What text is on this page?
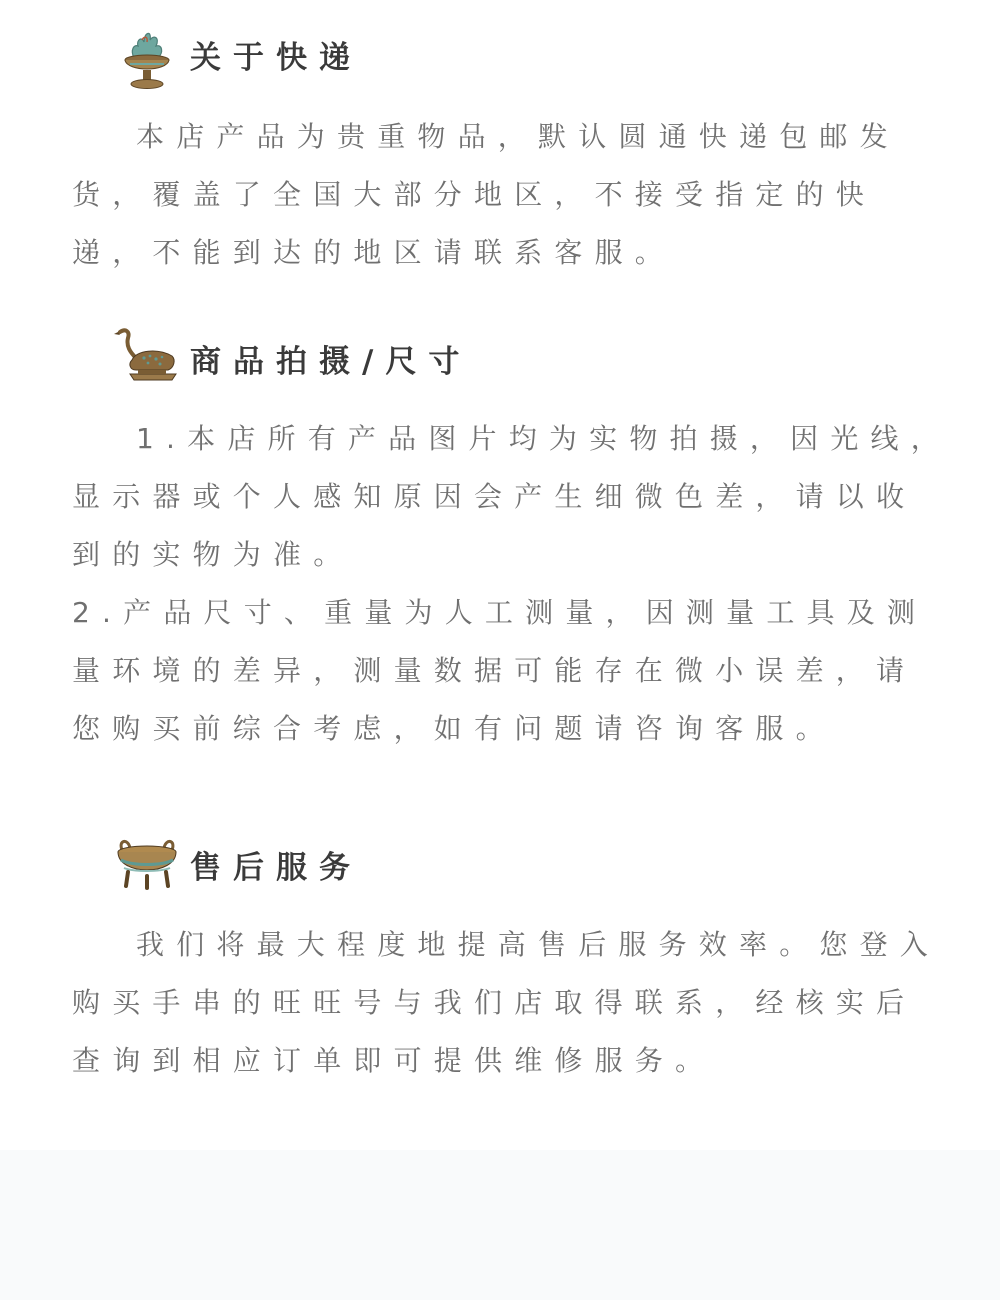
关于快递

本店产品为贵重物品，默认圆通快递包邮发货，覆盖了全国大部分地区，不接受指定的快递，不能到达的地区请联系客服。

商品拍摄/尺寸

1.本店所有产品图片均为实物拍摄，因光线，显示器或个人感知原因会产生细微色差，请以收到的实物为准。

2.产品尺寸、重量为人工测量，因测量工具及测量环境的差异，测量数据可能存在微小误差，请您购买前综合考虑，如有问题请咨询客服。

售后服务

我们将最大程度地提高售后服务效率。您登入购买手串的旺旺号与我们店取得联系，经核实后查询到相应订单即可提供维修服务。
